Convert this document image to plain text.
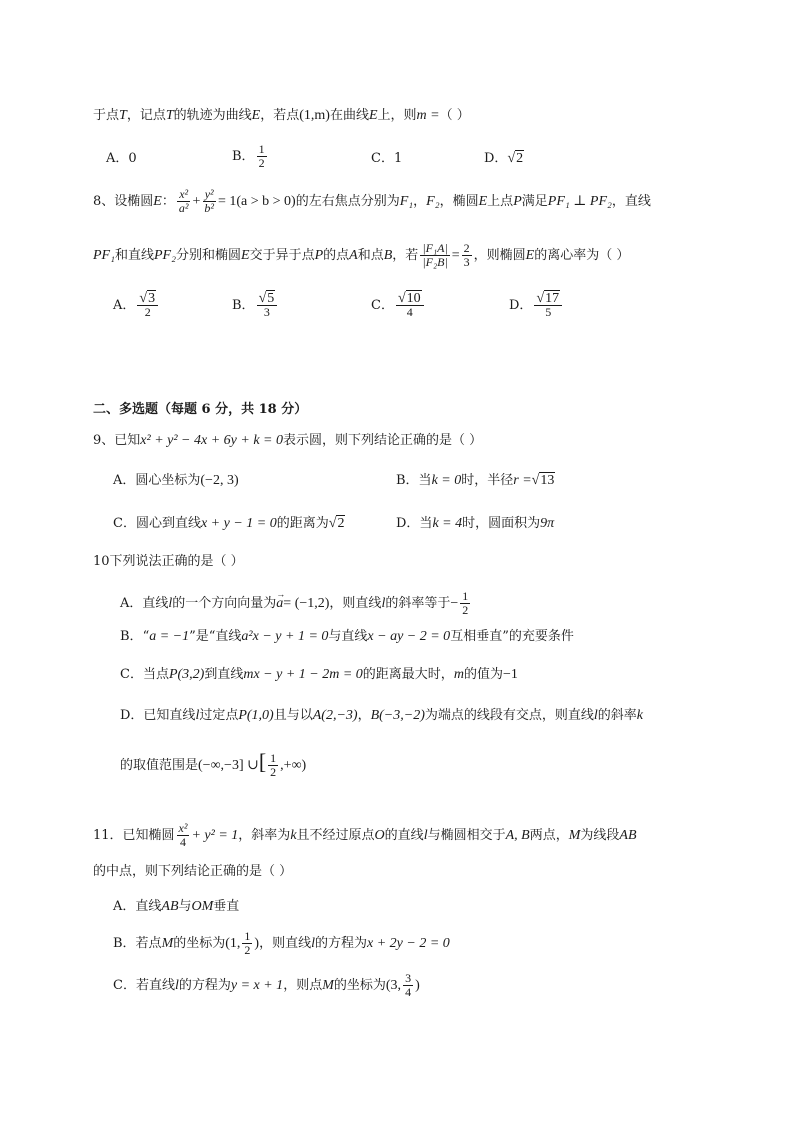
于点T，记点T的轨迹为曲线E，若点(1,m)在曲线E上，则m =（ ）
A．0	B． $\frac{1}{2}$	C．1	D．√2
8、设椭圆E： $\frac{\text{x²}}{\text{a²}} + \frac{\text{y²}}{\text{b²}} = 1(a > b > 0)$的左右焦点分别为F₁，F₂，椭圆E上点P满足PF₁ ⊥ PF₂，直线
PF₁和直线PF₂分别和椭圆E交于异于点P的点A和点B，若 $\frac{\text{|F₁A|}}{\text{|F₂B|}} = \frac{2}{3}$ ，则椭圆E的离心率为（ ）
A． $\frac{√3}{2}$	B． $\frac{√5}{3}$	C． $\frac{√10}{4}$	D． $\frac{√17}{5}$
二、多选题（每题 6 分，共 18 分）
9、已知x² + y² − 4x + 6y + k = 0表示圆，则下列结论正确的是（ ）
A．圆心坐标为(−2, 3)	B．当k = 0时，半径r =√13
C．圆心到直线x + y − 1 = 0的距离为√2	D．当k = 4时，圆面积为9π
10下列说法正确的是（ ）
A．直线l的一个方向向量为a
→
= (−1,2)，则直线l的斜率等于− $\frac{1}{2}$
B．“a = −1”是“直线a²x − y + 1 = 0与直线x − ay − 2 = 0互相垂直”的充要条件
C．当点P(3,2)到直线mx − y + 1 − 2m = 0的距离最大时，m的值为−1
D．已知直线l过定点P(1,0)且与以A(2,−3)，B(−3,−2)为端点的线段有交点，则直线l的斜率k
的取值范围是(−∞,−3] ∪[ $\frac{1}{2}$ ,+∞)
11．已知椭圆 $\frac{\text{x²}}{4} + y^2 = 1$，斜率为k且不经过原点O的直线l与椭圆相交于A, B两点，M为线段AB
的中点，则下列结论正确的是（ ）
A．直线AB与OM垂直
B．若点M的坐标为(1, $\frac{1}{2}$ )，则直线l的方程为x + 2y − 2 = 0
C．若直线l的方程为y = x + 1，则点M的坐标为(3, $\frac{3}{4}$ )
